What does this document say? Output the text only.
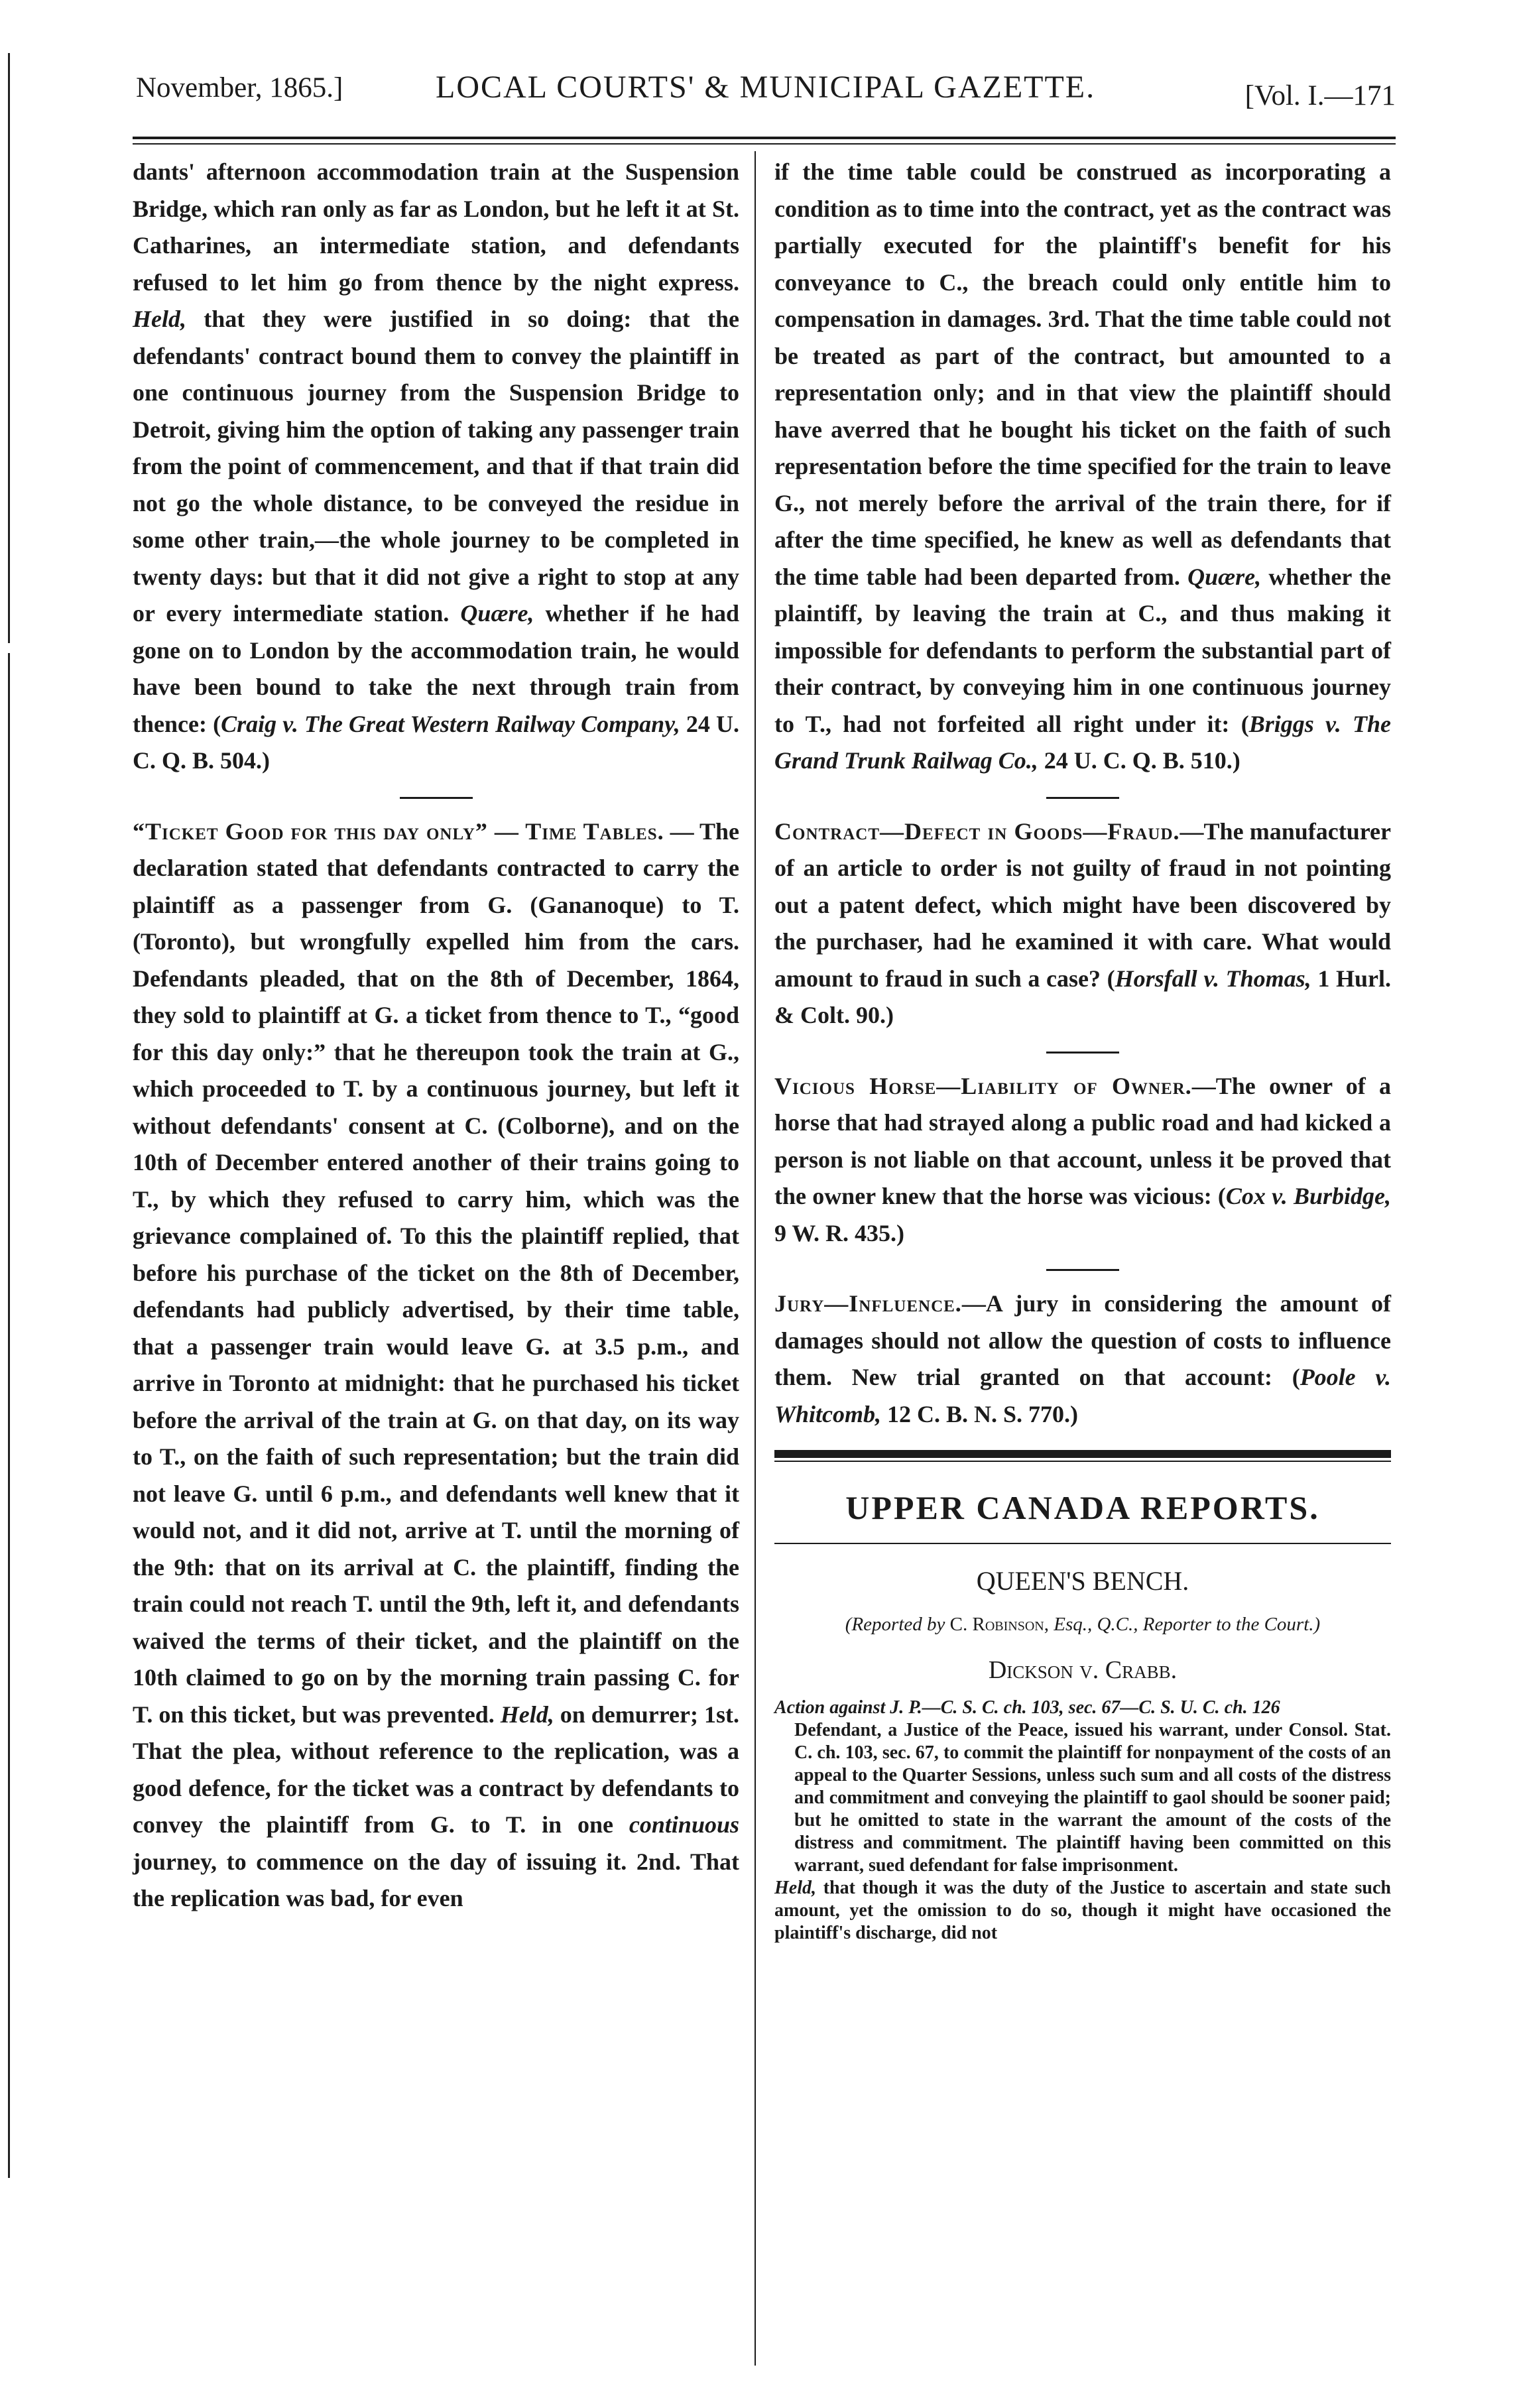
November, 1865.]	LOCAL COURTS' & MUNICIPAL GAZETTE.	[Vol. I.—171

dants' afternoon accommodation train at the Suspension Bridge, which ran only as far as London, but he left it at St. Catharines, an intermediate station, and defendants refused to let him go from thence by the night express. Held, that they were justified in so doing: that the defendants' contract bound them to convey the plaintiff in one continuous journey from the Suspension Bridge to Detroit, giving him the option of taking any passenger train from the point of commencement, and that if that train did not go the whole distance, to be conveyed the residue in some other train,—the whole journey to be completed in twenty days: but that it did not give a right to stop at any or every intermediate station. Quære, whether if he had gone on to London by the accommodation train, he would have been bound to take the next through train from thence: (Craig v. The Great Western Railway Company, 24 U. C. Q. B. 504.)

“Ticket Good for this day only” — Time Tables. — The declaration stated that defendants contracted to carry the plaintiff as a passenger from G. (Gananoque) to T. (Toronto), but wrongfully expelled him from the cars. Defendants pleaded, that on the 8th of December, 1864, they sold to plaintiff at G. a ticket from thence to T., “good for this day only:” that he thereupon took the train at G., which proceeded to T. by a continuous journey, but left it without defendants' consent at C. (Colborne), and on the 10th of December entered another of their trains going to T., by which they refused to carry him, which was the grievance complained of. To this the plaintiff replied, that before his purchase of the ticket on the 8th of December, defendants had publicly advertised, by their time table, that a passenger train would leave G. at 3.5 p.m., and arrive in Toronto at midnight: that he purchased his ticket before the arrival of the train at G. on that day, on its way to T., on the faith of such representation; but the train did not leave G. until 6 p.m., and defendants well knew that it would not, and it did not, arrive at T. until the morning of the 9th: that on its arrival at C. the plaintiff, finding the train could not reach T. until the 9th, left it, and defendants waived the terms of their ticket, and the plaintiff on the 10th claimed to go on by the morning train passing C. for T. on this ticket, but was prevented. Held, on demurrer; 1st. That the plea, without reference to the replication, was a good defence, for the ticket was a contract by defendants to convey the plaintiff from G. to T. in one continuous journey, to commence on the day of issuing it. 2nd. That the replication was bad, for even

if the time table could be construed as incorporating a condition as to time into the contract, yet as the contract was partially executed for the plaintiff's benefit for his conveyance to C., the breach could only entitle him to compensation in damages. 3rd. That the time table could not be treated as part of the contract, but amounted to a representation only; and in that view the plaintiff should have averred that he bought his ticket on the faith of such representation before the time specified for the train to leave G., not merely before the arrival of the train there, for if after the time specified, he knew as well as defendants that the time table had been departed from. Quære, whether the plaintiff, by leaving the train at C., and thus making it impossible for defendants to perform the substantial part of their contract, by conveying him in one continuous journey to T., had not forfeited all right under it: (Briggs v. The Grand Trunk Railwag Co., 24 U. C. Q. B. 510.)

Contract—Defect in Goods—Fraud.—The manufacturer of an article to order is not guilty of fraud in not pointing out a patent defect, which might have been discovered by the purchaser, had he examined it with care. What would amount to fraud in such a case? (Horsfall v. Thomas, 1 Hurl. & Colt. 90.)

Vicious Horse—Liability of Owner.—The owner of a horse that had strayed along a public road and had kicked a person is not liable on that account, unless it be proved that the owner knew that the horse was vicious: (Cox v. Burbidge, 9 W. R. 435.)

Jury—Influence.—A jury in considering the amount of damages should not allow the question of costs to influence them. New trial granted on that account: (Poole v. Whitcomb, 12 C. B. N. S. 770.)

UPPER CANADA REPORTS.
QUEEN'S BENCH.
(Reported by C. Robinson, Esq., Q.C., Reporter to the Court.)
Dickson v. Crabb.

Action against J. P.—C. S. C. ch. 103, sec. 67—C. S. U. C. ch. 126

Defendant, a Justice of the Peace, issued his warrant, under Consol. Stat. C. ch. 103, sec. 67, to commit the plaintiff for nonpayment of the costs of an appeal to the Quarter Sessions, unless such sum and all costs of the distress and commitment and conveying the plaintiff to gaol should be sooner paid; but he omitted to state in the warrant the amount of the costs of the distress and commitment. The plaintiff having been committed on this warrant, sued defendant for false imprisonment.

Held, that though it was the duty of the Justice to ascertain and state such amount, yet the omission to do so, though it might have occasioned the plaintiff's discharge, did not
